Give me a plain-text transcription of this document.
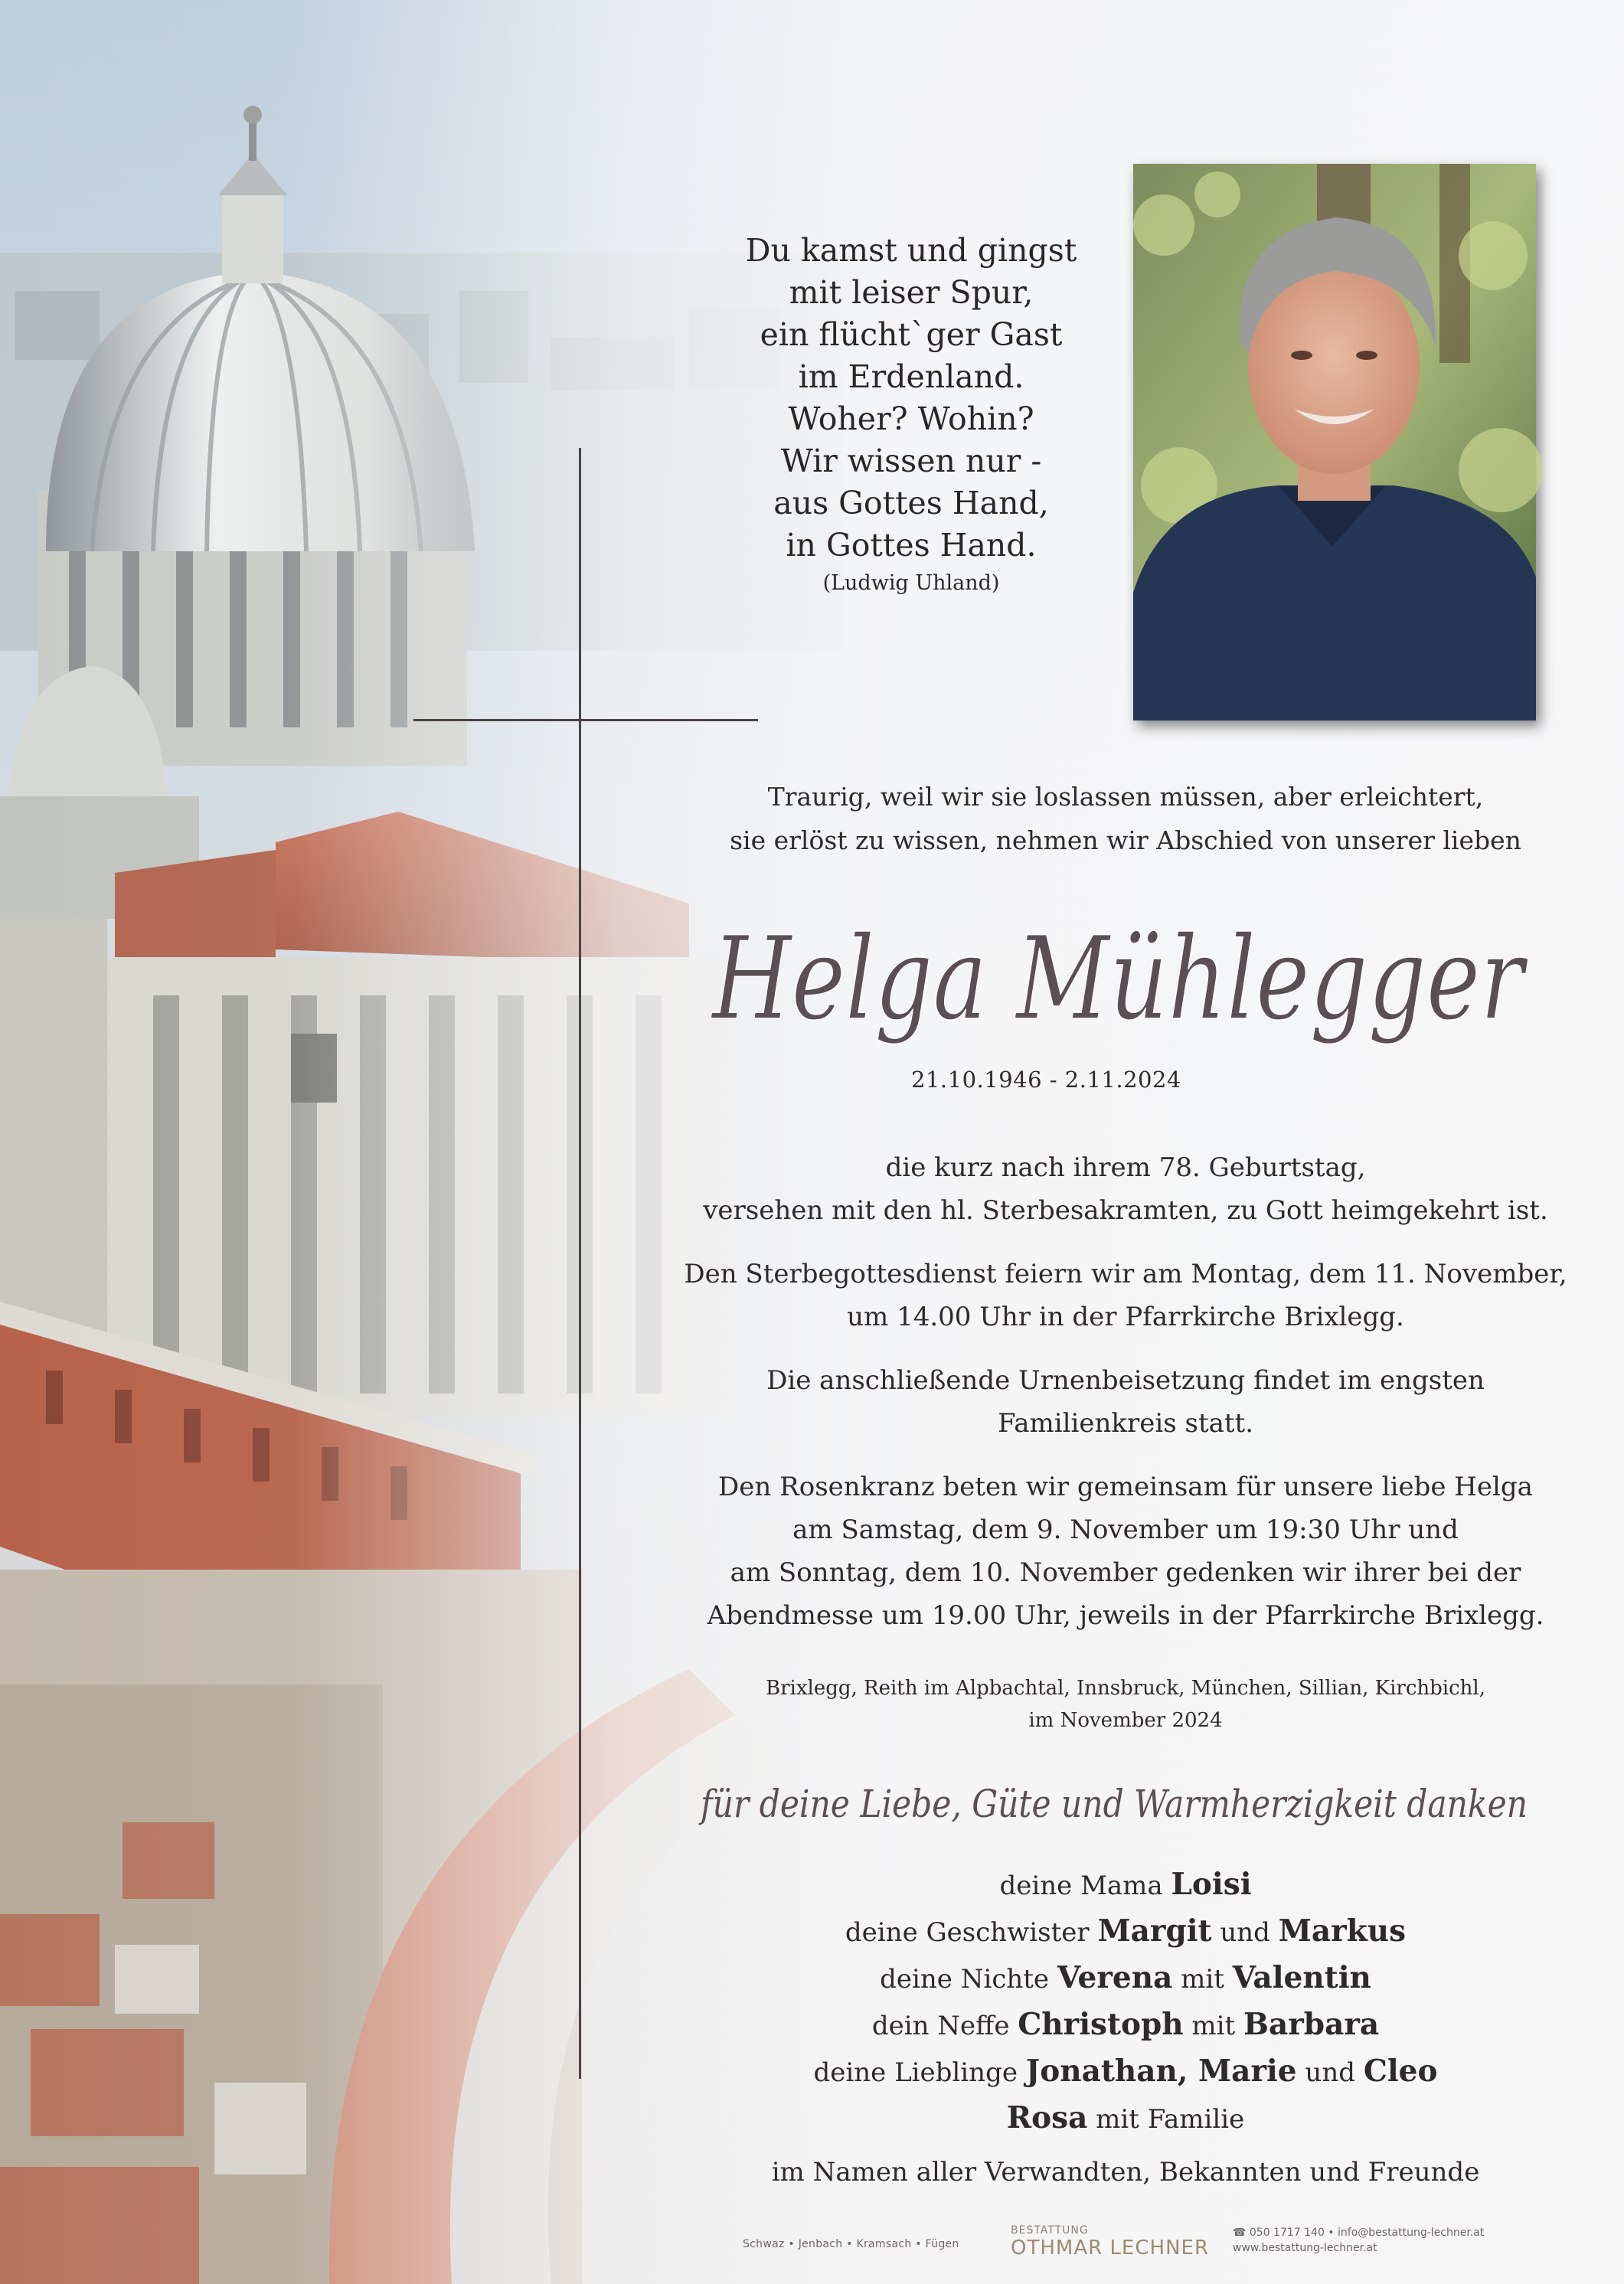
Du kamst und gingst
mit leiser Spur,
ein flücht`ger Gast
im Erdenland.
Woher? Wohin?
Wir wissen nur -
aus Gottes Hand,
in Gottes Hand.
(Ludwig Uhland)
Traurig, weil wir sie loslassen müssen, aber erleichtert,
sie erlöst zu wissen, nehmen wir Abschied von unserer lieben
Helga Mühlegger
21.10.1946 - 2.11.2024

die kurz nach ihrem 78. Geburtstag,
versehen mit den hl. Sterbesakramten, zu Gott heimgekehrt ist.

Den Sterbegottesdienst feiern wir am Montag, dem 11. November,
um 14.00 Uhr in der Pfarrkirche Brixlegg.

Die anschließende Urnenbeisetzung findet im engsten
Familienkreis statt.

Den Rosenkranz beten wir gemeinsam für unsere liebe Helga
am Samstag, dem 9. November um 19:30 Uhr und
am Sonntag, dem 10. November gedenken wir ihrer bei der
Abendmesse um 19.00 Uhr, jeweils in der Pfarrkirche Brixlegg.

Brixlegg, Reith im Alpbachtal, Innsbruck, München, Sillian, Kirchbichl,
im November 2024
für deine Liebe, Güte und Warmherzigkeit danken
deine Mama Loisi
deine Geschwister Margit und Markus
deine Nichte Verena mit Valentin
dein Neffe Christoph mit Barbara
deine Lieblinge Jonathan, Marie und Cleo
Rosa mit Familie
im Namen aller Verwandten, Bekannten und Freunde
Schwaz • Jenbach • Kramsach • Fügen
BESTATTUNG
OTHMAR LECHNER
☎ 050 1717 140 • info@bestattung-lechner.at
www.bestattung-lechner.at
